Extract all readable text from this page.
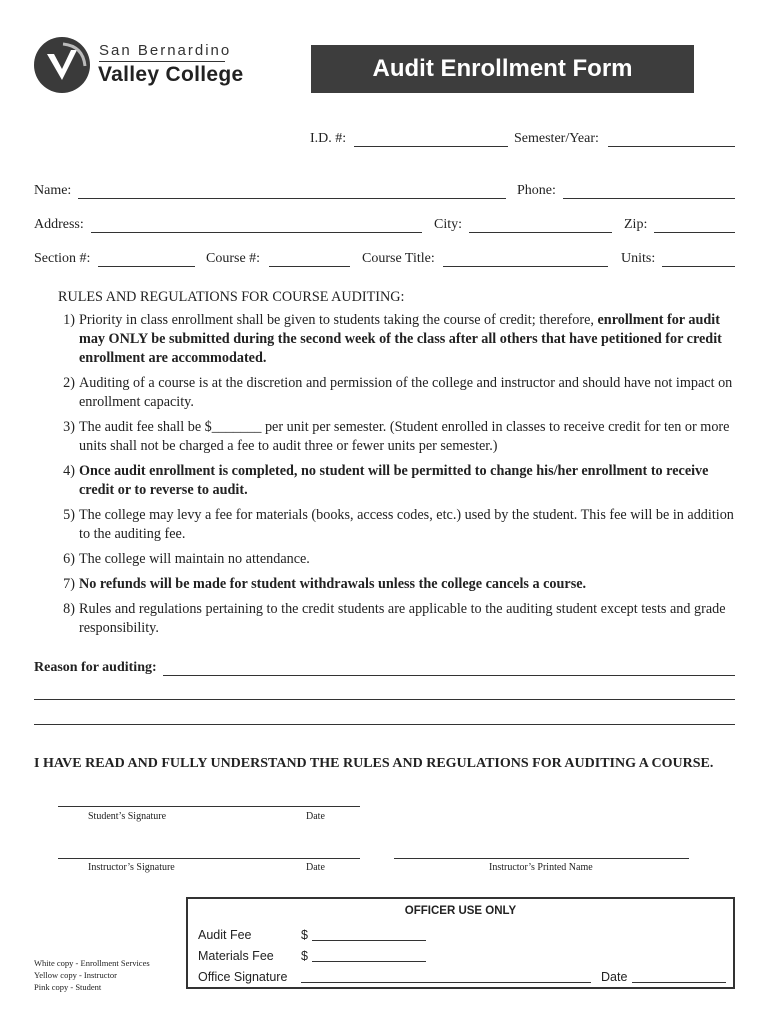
San Bernardino
Valley College	Audit Enrollment Form
I.D. #:	Semester/Year:
Name:	Phone:
Address:	City:	Zip:
Section #:	Course #:	Course Title:	Units:
RULES AND REGULATIONS FOR COURSE AUDITING:
1) Priority in class enrollment shall be given to students taking the course of credit; therefore, enrollment for audit may ONLY be submitted during the second week of the class after all others that have petitioned for credit enrollment are accommodated.
2) Auditing of a course is at the discretion and permission of the college and instructor and should have not impact on enrollment capacity.
3) The audit fee shall be $_______ per unit per semester. (Student enrolled in classes to receive credit for ten or more units shall not be charged a fee to audit three or fewer units per semester.)
4) Once audit enrollment is completed, no student will be permitted to change his/her enrollment to receive credit or to reverse to audit.
5) The college may levy a fee for materials (books, access codes, etc.) used by the student. This fee will be in addition to the auditing fee.
6) The college will maintain no attendance.
7) No refunds will be made for student withdrawals unless the college cancels a course.
8) Rules and regulations pertaining to the credit students are applicable to the auditing student except tests and grade responsibility.
Reason for auditing:
I HAVE READ AND FULLY UNDERSTAND THE RULES AND REGULATIONS FOR AUDITING A COURSE.
Student’s Signature	Date
Instructor’s Signature	Date	Instructor’s Printed Name
White copy - Enrollment Services
Yellow copy - Instructor
Pink copy - Student
OFFICER USE ONLY
Audit Fee	$
Materials Fee $
Office Signature	Date
